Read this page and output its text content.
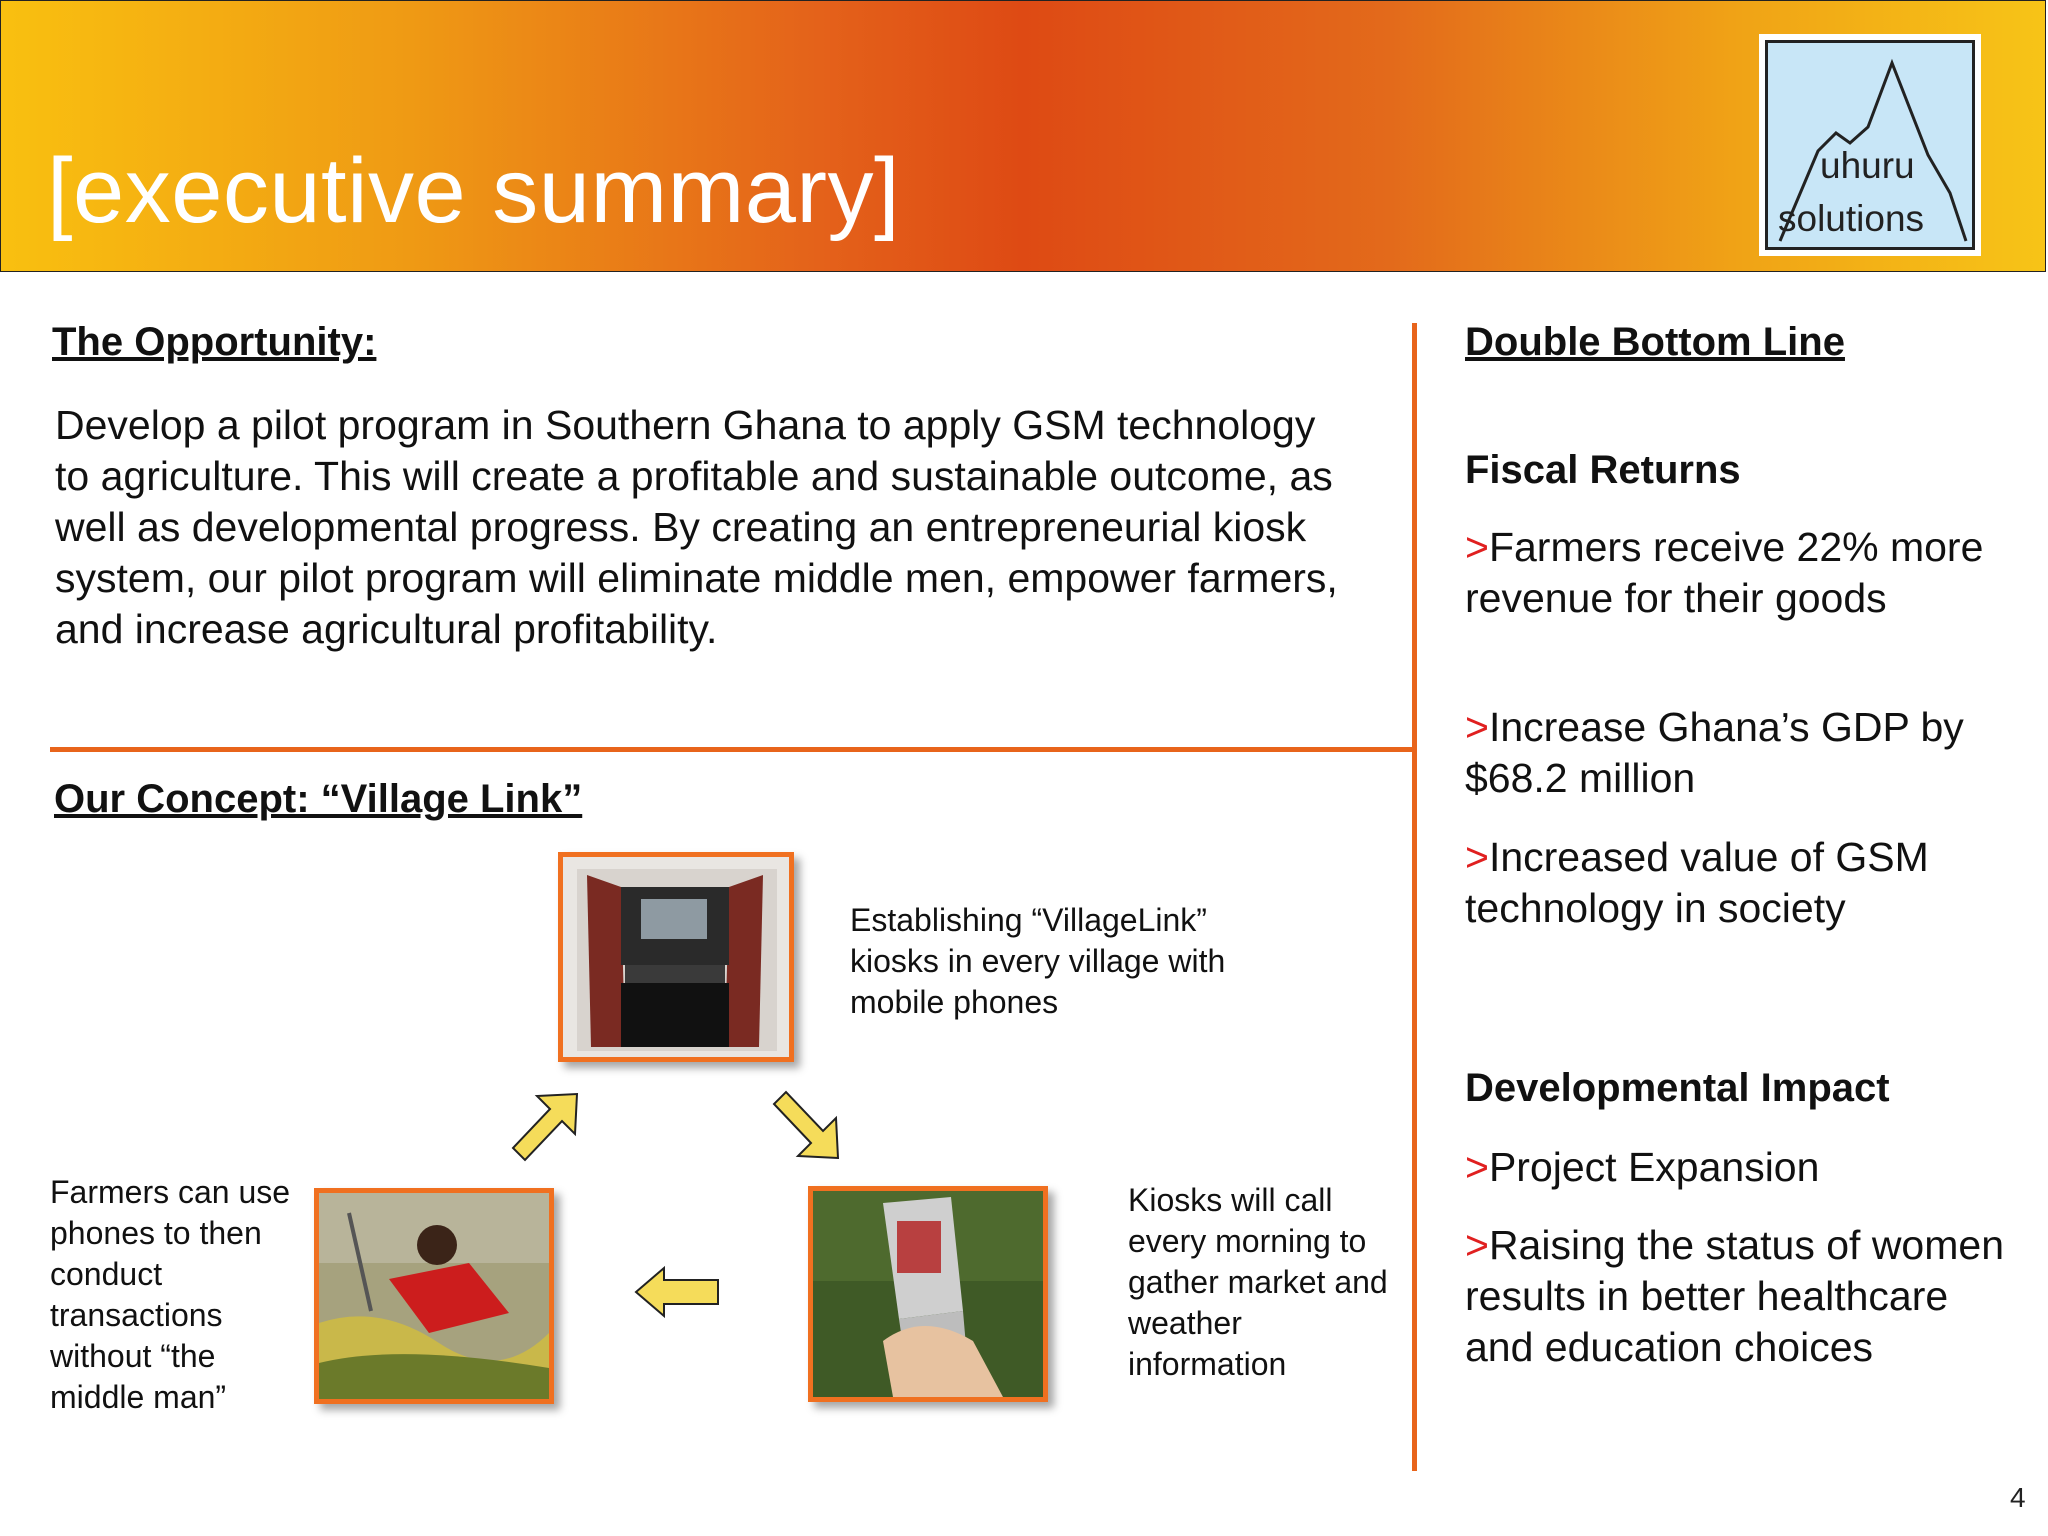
[executive summary]	uhuru
solutions
The Opportunity:
Develop a pilot program in Southern Ghana to apply GSM technology to agriculture. This will create a profitable and sustainable outcome, as well as developmental progress. By creating an entrepreneurial kiosk system, our pilot program will eliminate middle men, empower farmers, and increase agricultural profitability.
Our Concept: “Village Link”
Establishing “VillageLink” kiosks in every village with mobile phones
Kiosks will call every morning to gather market and weather information
Farmers can use phones to then conduct transactions without “the middle man”
Double Bottom Line
Fiscal Returns
>Farmers receive 22% more revenue for their goods
>Increase Ghana’s GDP by $68.2 million
>Increased value of GSM technology in society
Developmental Impact
>Project Expansion
>Raising the status of women results in better healthcare and education choices
4
